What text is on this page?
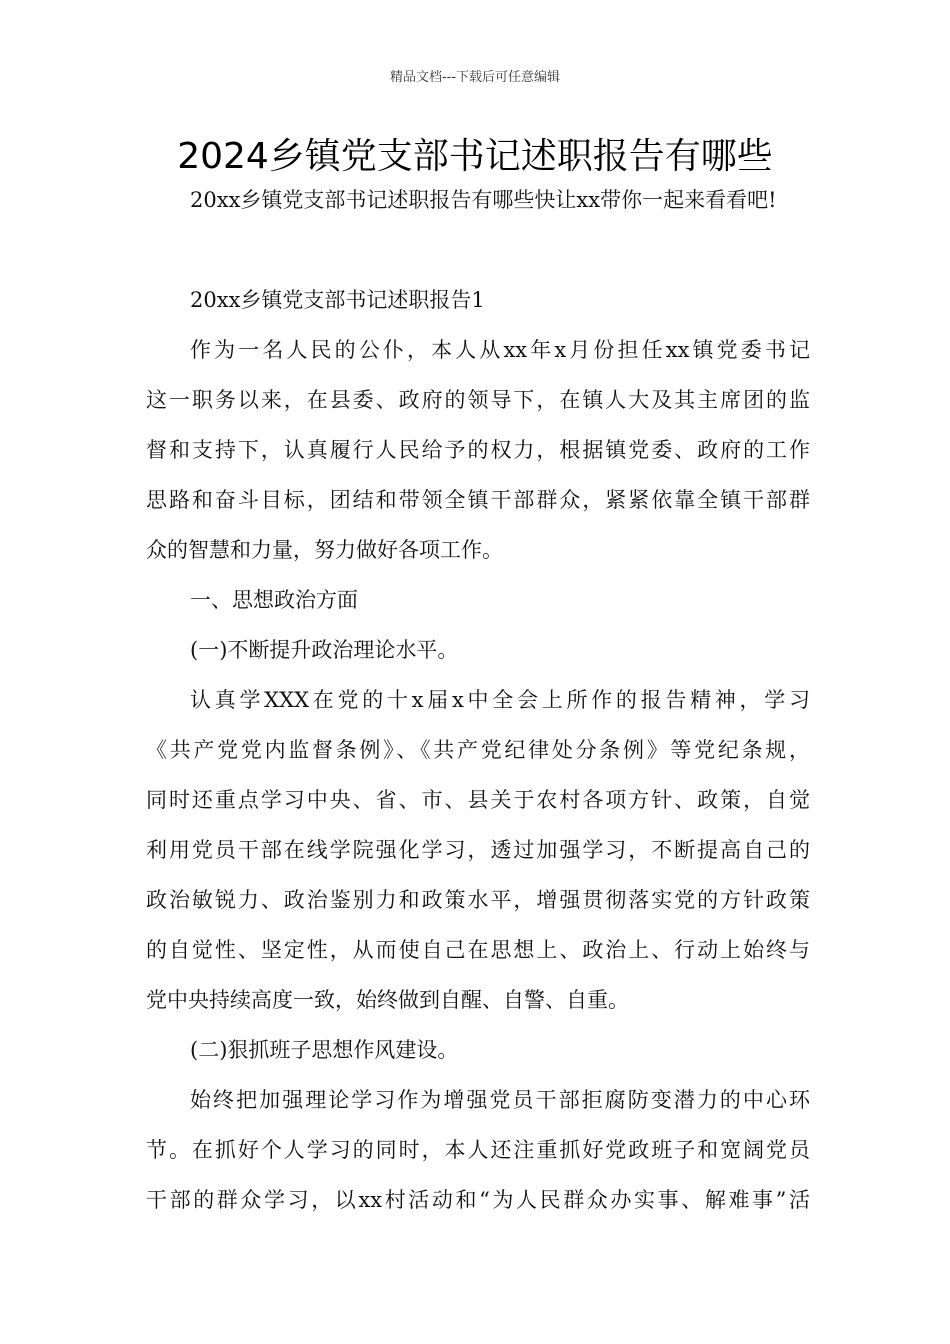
精品文档---下载后可任意编辑
2024乡镇党支部书记述职报告有哪些
20xx乡镇党支部书记述职报告有哪些快让xx带你一起来看看吧!
20xx乡镇党支部书记述职报告1
作为一名人民的公仆，本人从xx年x月份担任xx镇党委书记
这一职务以来，在县委、政府的领导下，在镇人大及其主席团的监
督和支持下，认真履行人民给予的权力，根据镇党委、政府的工作
思路和奋斗目标，团结和带领全镇干部群众，紧紧依靠全镇干部群
众的智慧和力量，努力做好各项工作。
一、思想政治方面
(一)不断提升政治理论水平。
认真学XXX在党的十x届x中全会上所作的报告精神，学习
《共产党党内监督条例》、《共产党纪律处分条例》等党纪条规，
同时还重点学习中央、省、市、县关于农村各项方针、政策，自觉
利用党员干部在线学院强化学习，透过加强学习，不断提高自己的
政治敏锐力、政治鉴别力和政策水平，增强贯彻落实党的方针政策
的自觉性、坚定性，从而使自己在思想上、政治上、行动上始终与
党中央持续高度一致，始终做到自醒、自警、自重。
(二)狠抓班子思想作风建设。
始终把加强理论学习作为增强党员干部拒腐防变潜力的中心环
节。在抓好个人学习的同时，本人还注重抓好党政班子和宽阔党员
干部的群众学习，以xx村活动和“为人民群众办实事、解难事”活
